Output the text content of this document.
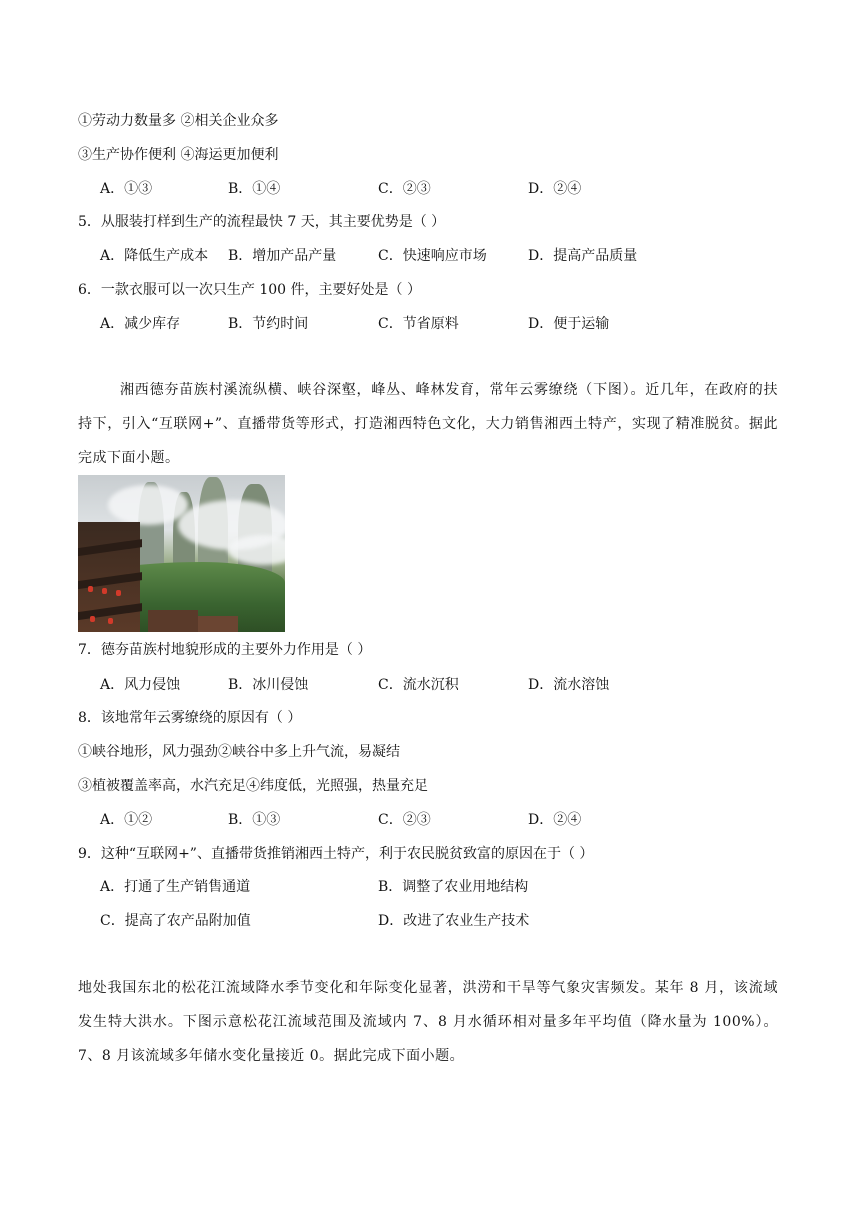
①劳动力数量多 ②相关企业众多
③生产协作便利 ④海运更加便利
A．①③	B．①④	C．②③	D．②④
5．从服装打样到生产的流程最快 7 天，其主要优势是（ ）
A．降低生产成本 B．增加产品产量	C．快速响应市场	D．提高产品质量
6．一款衣服可以一次只生产 100 件，主要好处是（ ）
A．减少库存	B．节约时间	C．节省原料	D．便于运输
湘西德夯苗族村溪流纵横、峡谷深壑，峰丛、峰林发育，常年云雾缭绕（下图）。近几年，在政府的扶持下，引入“互联网+”、直播带货等形式，打造湘西特色文化，大力销售湘西土特产，实现了精准脱贫。据此完成下面小题。
7．德夯苗族村地貌形成的主要外力作用是（ ）
A．风力侵蚀	B．冰川侵蚀	C．流水沉积	D．流水溶蚀
8．该地常年云雾缭绕的原因有（ ）
①峡谷地形，风力强劲②峡谷中多上升气流，易凝结
③植被覆盖率高，水汽充足④纬度低，光照强，热量充足
A．①②	B．①③	C．②③	D．②④
9．这种“互联网+”、直播带货推销湘西土特产，利于农民脱贫致富的原因在于（ ）
A．打通了生产销售通道	B．调整了农业用地结构
C．提高了农产品附加值	D．改进了农业生产技术
地处我国东北的松花江流域降水季节变化和年际变化显著，洪涝和干旱等气象灾害频发。某年 8 月，该流域发生特大洪水。下图示意松花江流域范围及流域内 7、8 月水循环相对量多年平均值（降水量为 100%）。7、8 月该流域多年储水变化量接近 0。据此完成下面小题。
